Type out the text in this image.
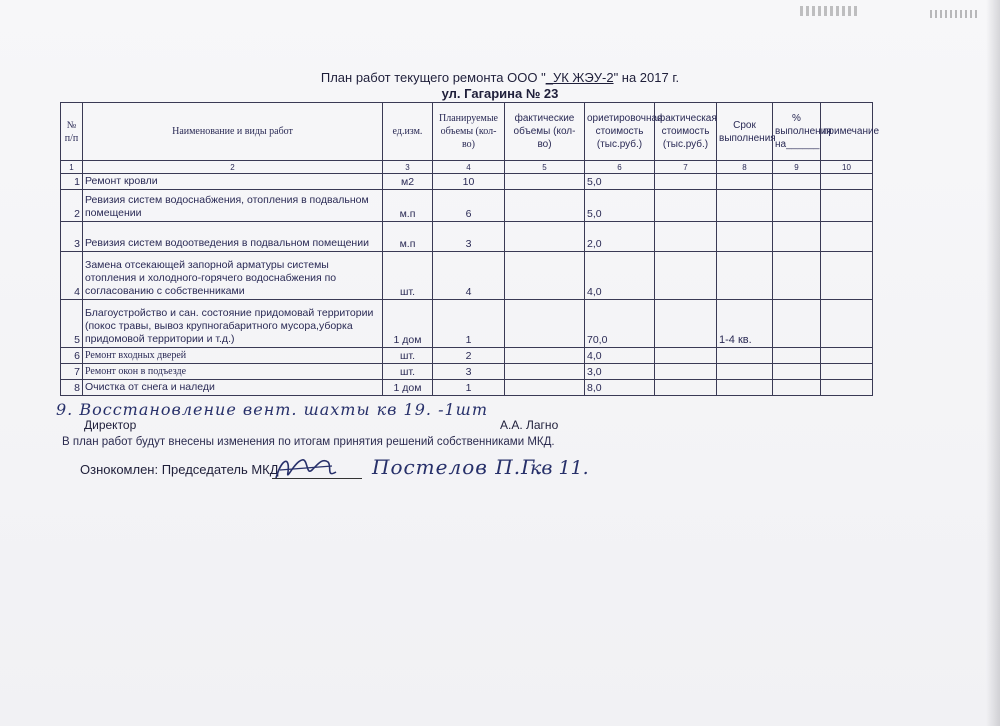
План работ текущего ремонта ООО "_УК ЖЭУ-2" на 2017 г.
ул. Гагарина № 23
№ п/п	Наименование и виды работ	ед.изм.	Планируемые объемы (кол-во)	фактические объемы (кол-во)	ориетировочная стоимость (тыс.руб.)	фактическая стоимость (тыс.руб.)	Срок выполнения	% выполнения на______	примечание
1	2	3	4	5	6	7	8	9	10
1	Ремонт кровли	м2	10		5,0				
2	Ревизия систем водоснабжения, отопления в подвальном помещении	м.п	6		5,0				
3	Ревизия систем водоотведения в подвальном помещении	м.п	3		2,0				
4	Замена отсекающей запорной арматуры системы отопления и холодного-горячего водоснабжения по согласованию с собственниками	шт.	4		4,0				
5	Благоустройство и сан. состояние придомовай территории (покос травы, вывоз крупногабаритного мусора,уборка придомовой территории и т.д.)	1 дом	1		70,0		1-4 кв.		
6	Ремонт входных дверей	шт.	2		4,0				
7	Ремонт окон в подъезде	шт.	3		3,0				
8	Очистка от снега и наледи	1 дом	1		8,0				
9. Восстановление вент. шахты кв 19. -1шт
Директор	А.А. Лагно
В план работ будут внесены изменения по итогам принятия решений собственниками МКД.
Ознокомлен: Председатель МКД	Постелов П.Г.
кв 11.
